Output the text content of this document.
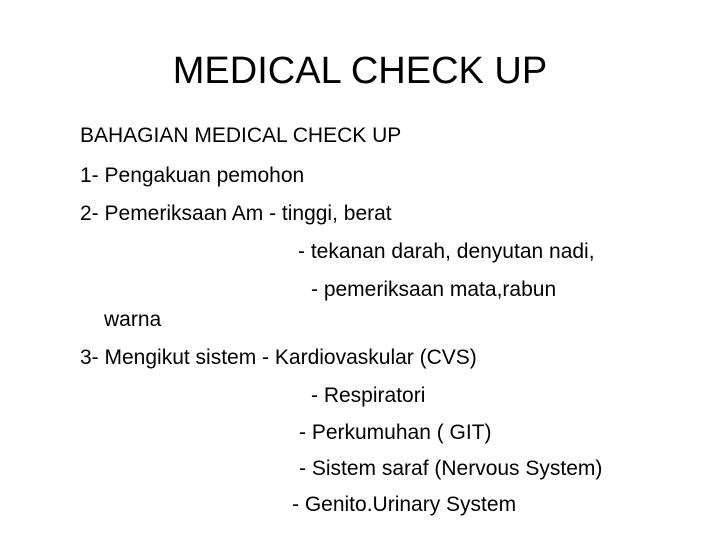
MEDICAL CHECK UP
BAHAGIAN MEDICAL CHECK UP
1- Pengakuan pemohon
2- Pemeriksaan Am - tinggi, berat
- tekanan darah, denyutan nadi,
- pemeriksaan mata,rabun
warna
3- Mengikut sistem - Kardiovaskular (CVS)
- Respiratori
- Perkumuhan ( GIT)
- Sistem saraf (Nervous System)
- Genito.Urinary System
